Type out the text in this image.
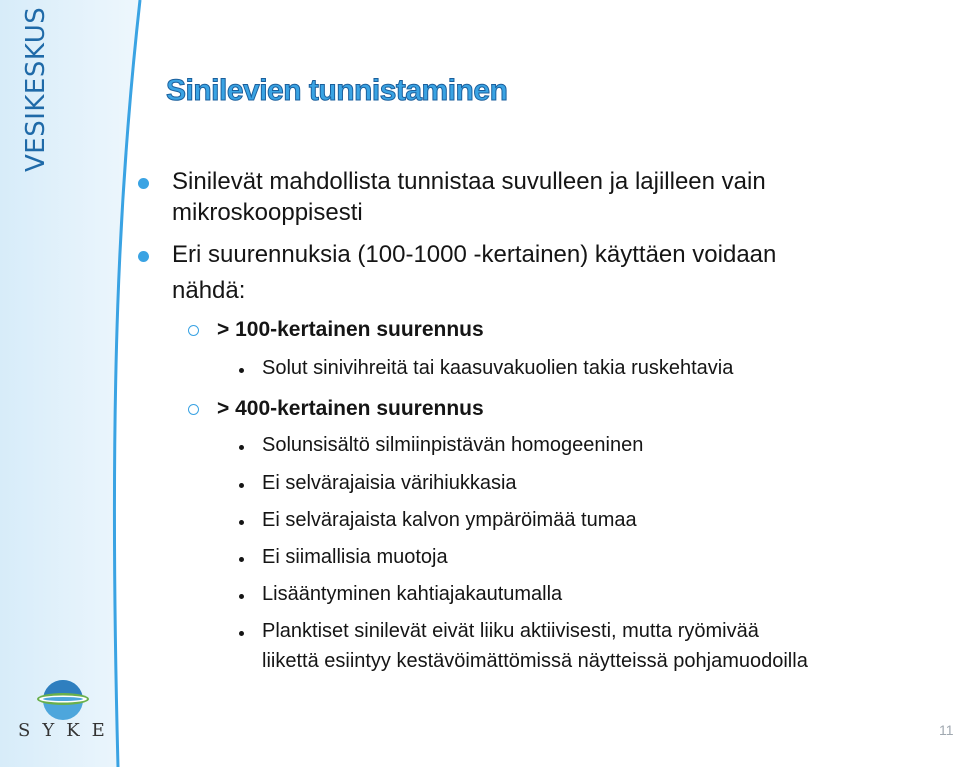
VESIKESKUS	Sinilevien tunnistaminen
Sinilevät mahdollista tunnistaa suvulleen ja lajilleen vain
mikroskooppisesti
Eri suurennuksia (100-1000 -kertainen) käyttäen voidaan
nähdä:
> 100-kertainen suurennus
Solut sinivihreitä tai kaasuvakuolien takia ruskehtavia
> 400-kertainen suurennus
Solunsisältö silmiinpistävän homogeeninen
Ei selvärajaisia värihiukkasia
Ei selvärajaista kalvon ympäröimää tumaa
Ei siimallisia muotoja
Lisääntyminen kahtiajakautumalla
Planktiset sinilevät eivät liiku aktiivisesti, mutta ryömivää
liikettä esiintyy kestävöimättömissä näytteissä pohjamuodoilla
SYKE	11
